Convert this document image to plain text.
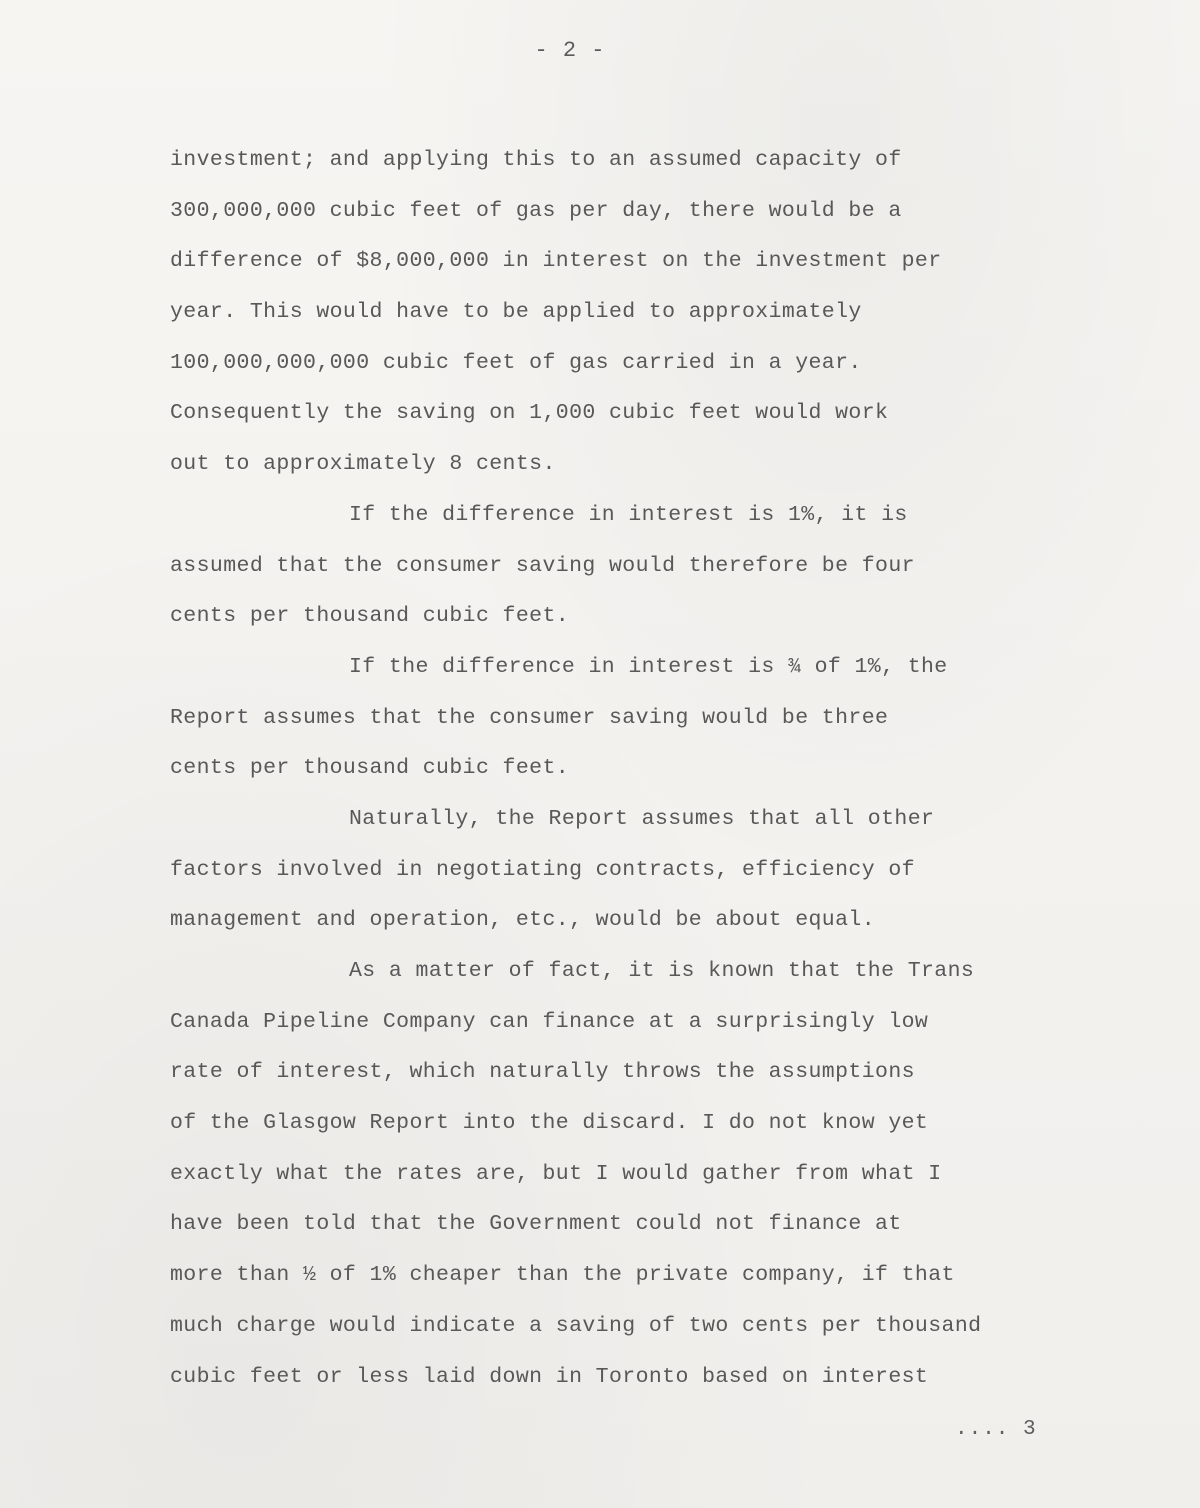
- 2 -
investment; and applying this to an assumed capacity of
300,000,000 cubic feet of gas per day, there would be a
difference of $8,000,000 in interest on the investment per
year. This would have to be applied to approximately
100,000,000,000 cubic feet of gas carried in a year.
Consequently the saving on 1,000 cubic feet would work
out to approximately 8 cents.
If the difference in interest is 1%, it is
assumed that the consumer saving would therefore be four
cents per thousand cubic feet.
If the difference in interest is ¾ of 1%, the
Report assumes that the consumer saving would be three
cents per thousand cubic feet.
Naturally, the Report assumes that all other
factors involved in negotiating contracts, efficiency of
management and operation, etc., would be about equal.
As a matter of fact, it is known that the Trans
Canada Pipeline Company can finance at a surprisingly low
rate of interest, which naturally throws the assumptions
of the Glasgow Report into the discard. I do not know yet
exactly what the rates are, but I would gather from what I
have been told that the Government could not finance at
more than ½ of 1% cheaper than the private company, if that
much charge would indicate a saving of two cents per thousand
cubic feet or less laid down in Toronto based on interest
.... 3
